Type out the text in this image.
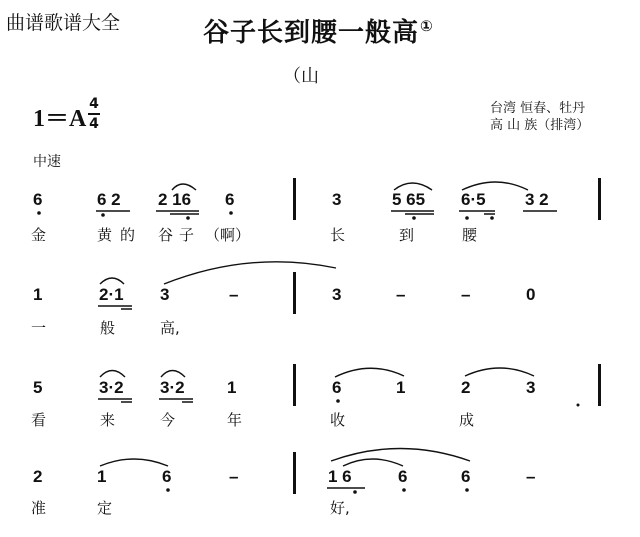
曲谱歌谱大全	谷子长到腰一般高①
（山
1＝A
4
4
台湾 恒春、牡丹
高 山 族（排湾）
中速
6	6 2 2 16 6	3	5 65 6·5 3 2
金	黄的 谷子 （啊）	长	到	腰
1	2·1 3	–	3	–	–	0
一	般	高,
5	3·2 3·2 1	6	1	2	3
看	来	今	年	收	成
2	1	6	–	1 6	6	6	–
准	定	好,
